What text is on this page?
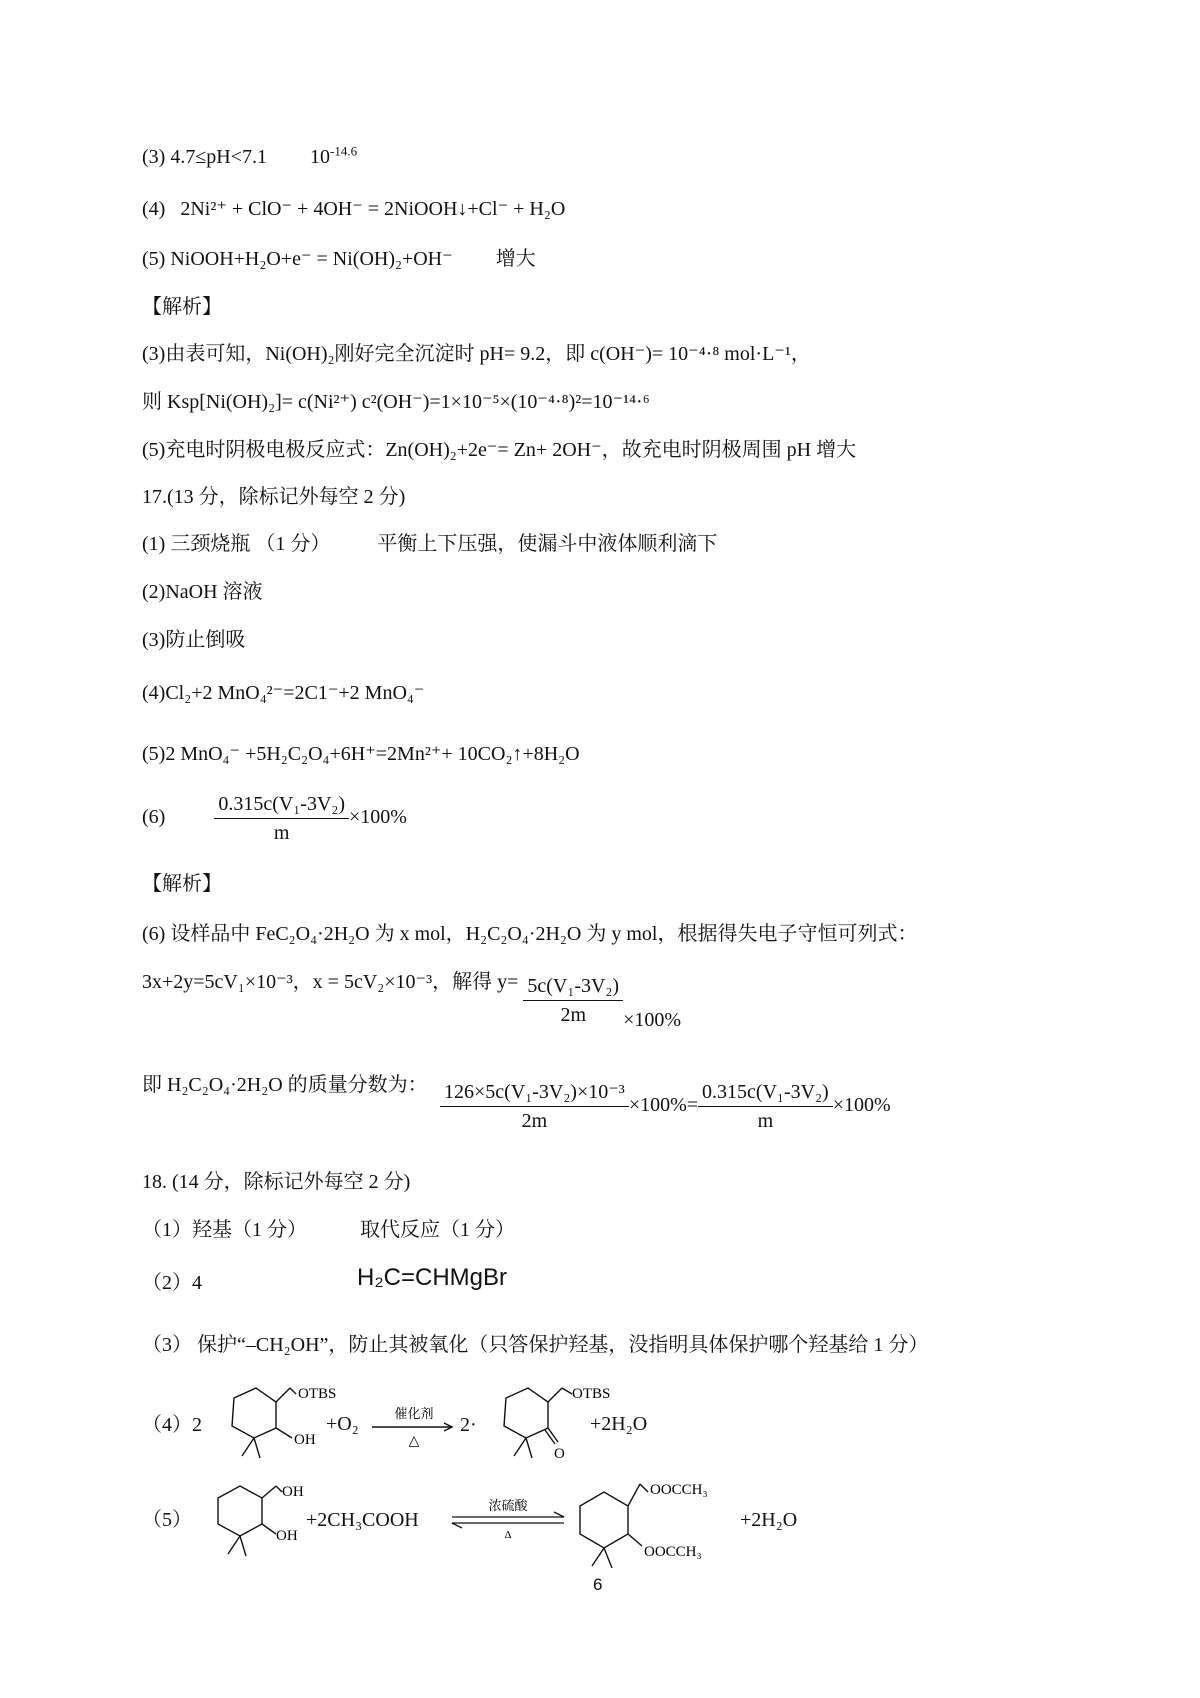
(3) 4.7≤pH<7.1 $10^{-14.6}$
(4) 2Ni²⁺ + ClO⁻ + 4OH⁻ = 2NiOOH↓+Cl⁻ + H₂O
(5) NiOOH+H₂O+e⁻ = Ni(OH)₂+OH⁻ 增大
【解析】
(3)由表可知，Ni(OH)₂刚好完全沉淀时 pH= 9.2，即 c(OH⁻)= 10⁻⁴·⁸ mol·L⁻¹，
则 Ksp[Ni(OH)₂]= c(Ni²⁺) c²(OH⁻)=1×10⁻⁵×(10⁻⁴·⁸)²=10⁻¹⁴·⁶
(5)充电时阴极电极反应式：Zn(OH)₂+2e⁻= Zn+ 2OH⁻，故充电时阴极周围 pH 增大
17.(13 分，除标记外每空 2 分)
(1) 三颈烧瓶 （1 分） 平衡上下压强，使漏斗中液体顺利滴下
(2)NaOH 溶液
(3)防止倒吸
(4)Cl₂+2 MnO₄²⁻=2C1⁻+2 MnO₄⁻
(5)2 MnO₄⁻ +5H₂C₂O₄+6H⁺=2Mn²⁺+ 10CO₂↑+8H₂O
$(6) \frac{\text{0.315c(V₁-3V₂)}}{m} \times 100\%$
【解析】
(6) 设样品中 FeC₂O₄·2H₂O 为 x mol，H₂C₂O₄·2H₂O 为 y mol，根据得失电子守恒可列式：
3x+2y=5cV₁×10⁻³，x = 5cV₂×10⁻³，解得 $y= \frac{\text{5c(V₁-3V₂)}}{2m} \times 100\%$
即 H₂C₂O₄·2H₂O 的质量分数为： $\frac{\text{126×5c(V₁-3V₂)×10⁻³}}{2m} \times 100\%= \frac{\text{0.315c(V₁-3V₂)}}{m} \times 100\%$
18. (14 分，除标记外每空 2 分)
（1）羟基（1 分）	取代反应（1 分）
（2）4	H₂C=CHMgBr
（3） 保护“–CH₂OH”，防止其被氧化（只答保护羟基，没指明具体保护哪个羟基给 1 分）
（4）2
OTBS
OH
+O₂	催化剂
△
2·
OTBS
O
+2H₂O
（5）
OH
OH
+2CH₃COOH
浓硫酸
Δ
OOCCH₃
OOCCH₃
+2H₂O
6
